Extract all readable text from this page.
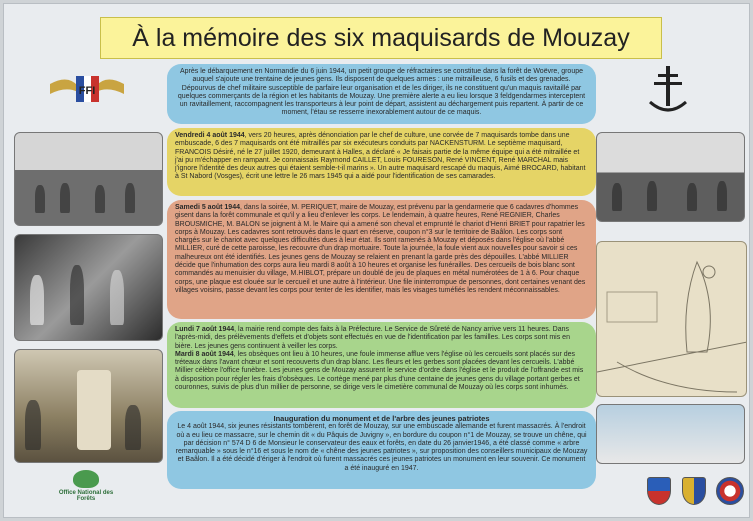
À la mémoire des six maquisards de Mouzay
FFI

Après le débarquement en Normandie du 6 juin 1944, un petit groupe de réfractaires se constitue dans la forêt de Woëvre, groupe auquel s'ajoute une trentaine de jeunes gens. Ils disposent de quelques armes : une mitrailleuse, 6 fusils et des grenades. Dépourvus de chef militaire susceptible de parfaire leur organisation et de les diriger, ils ne constituent qu'un maquis ravitaillé par quelques commerçants de la région et les habitants de Mouzay. Une première alerte a eu lieu lorsque 3 feldgendarmes interceptent un ravitaillement, raccompagnent les transporteurs à leur point de départ, assistent au déchargement puis repartent. À partir de ce moment, l'étau se resserre inexorablement autour de ce maquis.

Vendredi 4 août 1944, vers 20 heures, après dénonciation par le chef de culture, une corvée de 7 maquisards tombe dans une embuscade, 6 des 7 maquisards ont été mitraillés par six exécuteurs conduits par NACKENSTURM. Le septième maquisard, FRANCOIS Désiré, né le 27 juillet 1920, demeurant à Halles, a déclaré « Je faisais partie de la même équipe qui a été mitraillée et j'ai pu m'échapper en rampant. Je connaissais Raymond CAILLET, Louis FOURESON, René VINCENT, René MARCHAL mais j'ignore l'identité des deux autres qui étaient semble-t-il marins ». Un autre maquisard rescapé du maquis, Aimé BROCARD, habitant à St Nabord (Vosges), écrit une lettre le 26 mars 1945 qui a aidé pour l'identification de ses camarades.

Samedi 5 août 1944, dans la soirée, M. PERIQUET, maire de Mouzay, est prévenu par la gendarmerie que 6 cadavres d'hommes gisent dans la forêt communale et qu'il y a lieu d'enlever les corps. Le lendemain, à quatre heures, René REGNIER, Charles BROUSMICHE, M. BALON se joignent à M. le Maire qui a amené son cheval et emprunté le chariot d'Henri BRIET pour rapatrier les corps à Mouzay. Les cadavres sont retrouvés dans le quart en réserve, coupon n°3 sur le territoire de Baâlon. Les corps sont chargés sur le chariot avec quelques difficultés dues à leur état. Ils sont ramenés à Mouzay et déposés dans l'église où l'abbé MILLIER, curé de cette paroisse, les recouvre d'un drap mortuaire. Toute la journée, la foule vient aux nouvelles pour savoir si ces malheureux ont été identifiés. Les jeunes gens de Mouzay se relaient en prenant la garde près des dépouilles. L'abbé MILLIER décide que l'inhumation des corps aura lieu mardi 8 août à 10 heures et organise les funérailles. Des cercueils de bois blanc sont commandés au menuisier du village, M.HIBLOT, prépare un doublé de jeu de plaques en métal numérotées de 1 à 6. Pour chaque corps, une plaque est clouée sur le cercueil et une autre à l'intérieur. Une file ininterrompue de personnes, dont certaines venant des villages voisins, passe devant les corps pour tenter de les identifier, mais les visages tuméfiés les rendent méconnaissables.

Lundi 7 août 1944, la mairie rend compte des faits à la Préfecture. Le Service de Sûreté de Nancy arrive vers 11 heures. Dans l'après-midi, des prélèvements d'effets et d'objets sont effectués en vue de l'identification par les familles. Les corps sont mis en bière. Les jeunes gens continuent à veiller les corps.

Mardi 8 août 1944, les obsèques ont lieu à 10 heures, une foule immense afflue vers l'église où les cercueils sont placés sur des tréteaux dans l'avant chœur et sont recouverts d'un drap blanc. Les fleurs et les gerbes sont placées devant les cercueils. L'abbé Millier célèbre l'office funèbre. Les jeunes gens de Mouzay assurent le service d'ordre dans l'église et le produit de l'offrande est mis à disposition pour régler les frais d'obsèques. Le cortège mené par plus d'une centaine de jeunes gens du village portant gerbes et couronnes, suivis de plus d'un millier de personne, se dirige vers le cimetière communal de Mouzay où les corps sont inhumés.

Inauguration du monument et de l'arbre des jeunes patriotes

Le 4 août 1944, six jeunes résistants tombèrent, en forêt de Mouzay, sur une embuscade allemande et furent massacrés. À l'endroit où a eu lieu ce massacre, sur le chemin dit « du Pâquis de Juvigny », en bordure du coupon n°1 de Mouzay, se trouve un chêne, qui par décision n° 574 D 6 de Monsieur le conservateur des eaux et forêts, en date du 26 janvier1946, a été classé comme « arbre remarquable » sous le n°16 et sous le nom de « chêne des jeunes patriotes », sur proposition des conseillers municipaux de Mouzay et Baâlon. Il a été décidé d'ériger à l'endroit où furent massacrés ces jeunes patriotes un monument en leur souvenir. Ce monument a été inauguré en 1947.

Office National des Forêts
